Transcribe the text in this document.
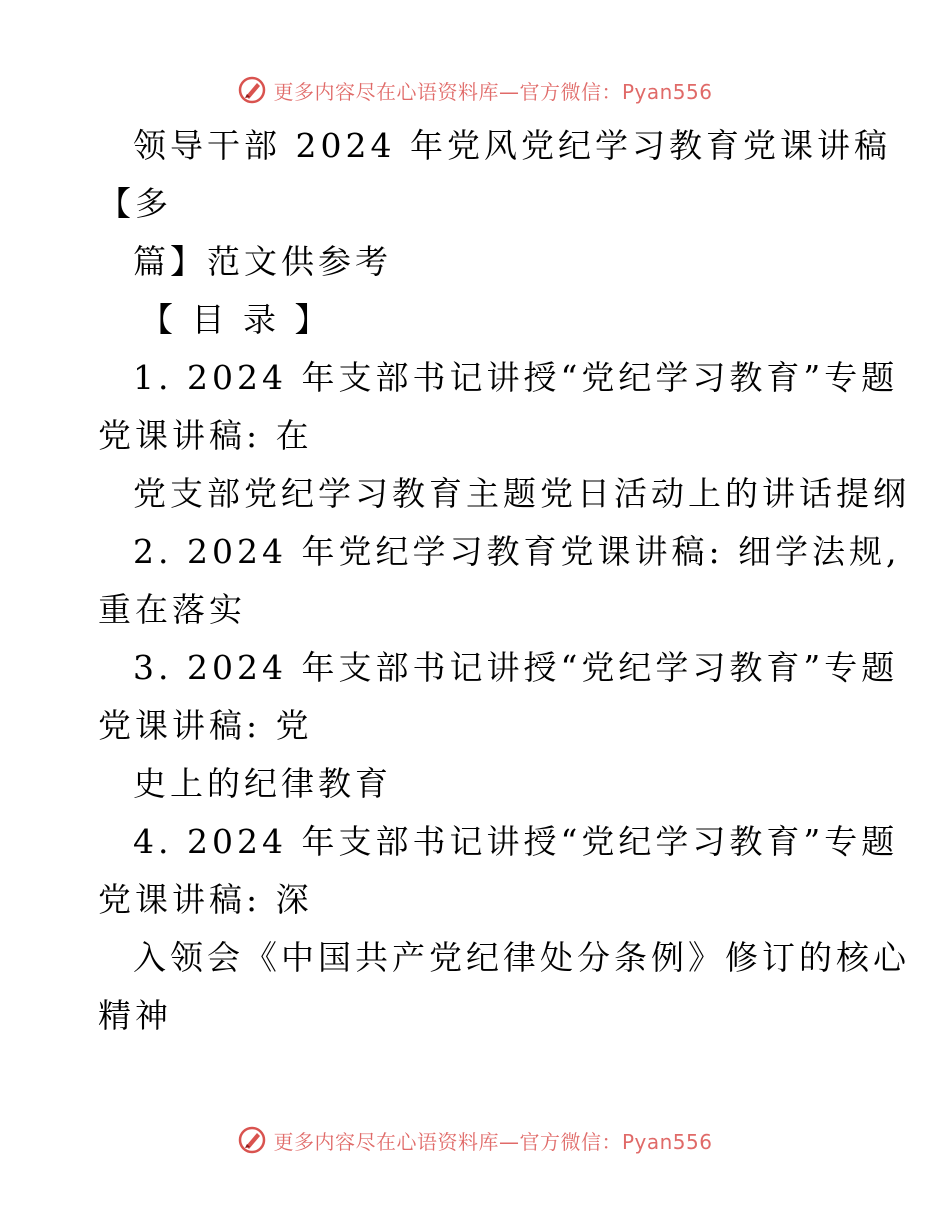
更多内容尽在心语资料库—官方微信：Pyan556
领导干部 2024 年党风党纪学习教育党课讲稿
【多
篇】范文供参考
【 目 录 】
1. 2024 年支部书记讲授“党纪学习教育”专题
党课讲稿: 在
党支部党纪学习教育主题党日活动上的讲话提纲
2. 2024 年党纪学习教育党课讲稿: 细学法规,
重在落实
3. 2024 年支部书记讲授“党纪学习教育”专题
党课讲稿: 党
史上的纪律教育
4. 2024 年支部书记讲授“党纪学习教育”专题
党课讲稿: 深
入领会《中国共产党纪律处分条例》修订的核心
精神
更多内容尽在心语资料库—官方微信：Pyan556
